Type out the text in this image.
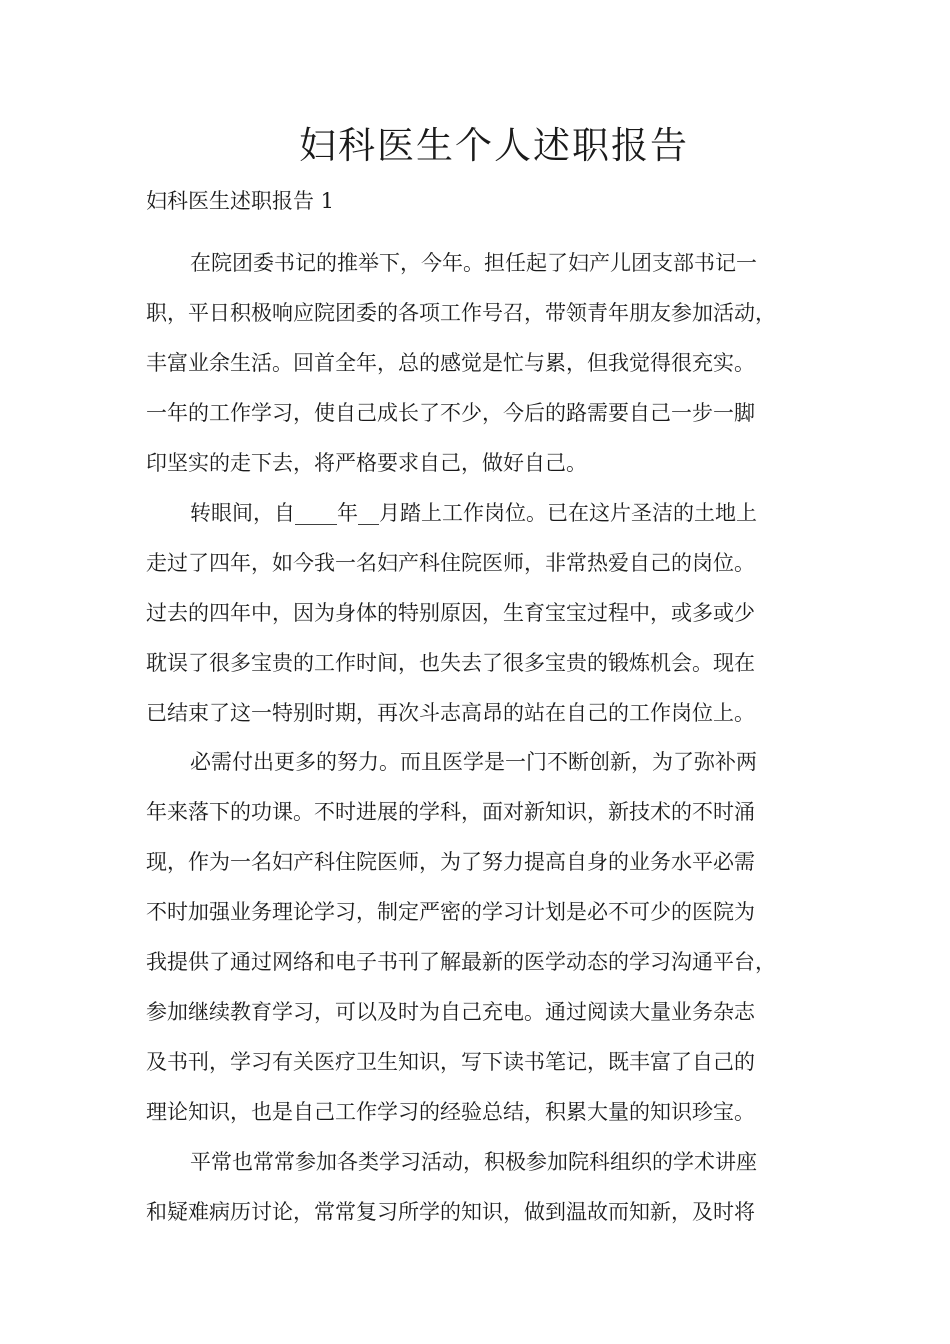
妇科医生个人述职报告
妇科医生述职报告 1

在院团委书记的推举下，今年。担任起了妇产儿团支部书记一
职，平日积极响应院团委的各项工作号召，带领青年朋友参加活动，
丰富业余生活。回首全年，总的感觉是忙与累，但我觉得很充实。
一年的工作学习，使自己成长了不少，今后的路需要自己一步一脚
印坚实的走下去，将严格要求自己，做好自己。

转眼间，自____年__月踏上工作岗位。已在这片圣洁的土地上
走过了四年，如今我一名妇产科住院医师，非常热爱自己的岗位。
过去的四年中，因为身体的特别原因，生育宝宝过程中，或多或少
耽误了很多宝贵的工作时间，也失去了很多宝贵的锻炼机会。现在
已结束了这一特别时期，再次斗志高昂的站在自己的工作岗位上。

必需付出更多的努力。而且医学是一门不断创新，为了弥补两
年来落下的功课。不时进展的学科，面对新知识，新技术的不时涌
现，作为一名妇产科住院医师，为了努力提高自身的业务水平必需
不时加强业务理论学习，制定严密的学习计划是必不可少的医院为
我提供了通过网络和电子书刊了解最新的医学动态的学习沟通平台，
参加继续教育学习，可以及时为自己充电。通过阅读大量业务杂志
及书刊，学习有关医疗卫生知识，写下读书笔记，既丰富了自己的
理论知识，也是自己工作学习的经验总结，积累大量的知识珍宝。

平常也常常参加各类学习活动，积极参加院科组织的学术讲座
和疑难病历讨论，常常复习所学的知识，做到温故而知新，及时将
